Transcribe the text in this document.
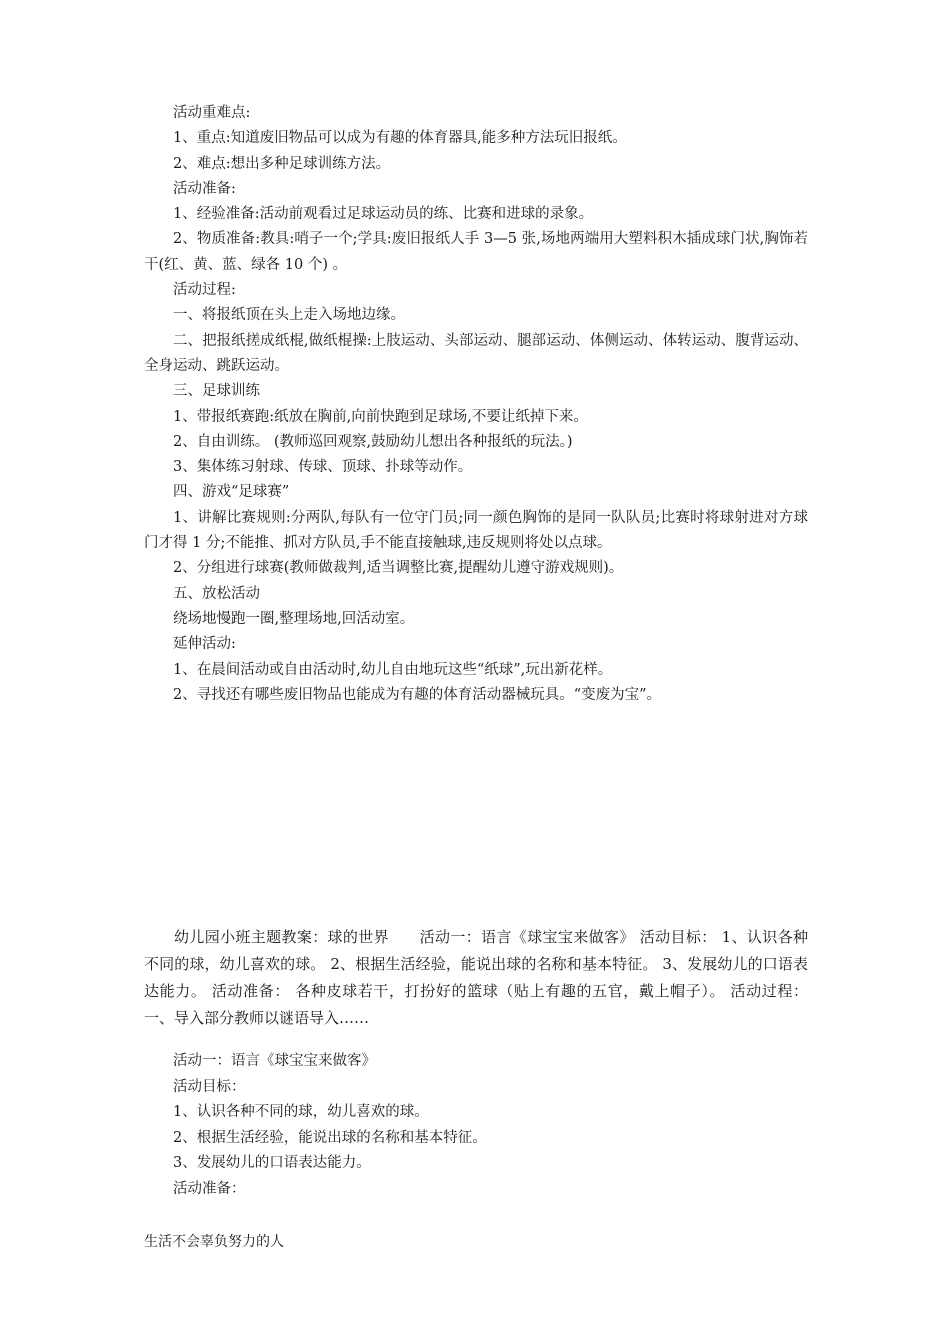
活动重难点:

1、重点:知道废旧物品可以成为有趣的体育器具,能多种方法玩旧报纸。

2、难点:想出多种足球训练方法。

活动准备:

1、经验准备:活动前观看过足球运动员的练、比赛和进球的录象。

2、物质准备:教具:哨子一个;学具:废旧报纸人手 3—5 张,场地两端用大塑料积木插成球门状,胸饰若干(红、黄、蓝、绿各 10 个) 。

活动过程:

一、将报纸顶在头上走入场地边缘。

二、把报纸搓成纸棍,做纸棍操:上肢运动、头部运动、腿部运动、体侧运动、体转运动、腹背运动、全身运动、跳跃运动。

三、足球训练

1、带报纸赛跑:纸放在胸前,向前快跑到足球场,不要让纸掉下来。

2、自由训练。 (教师巡回观察,鼓励幼儿想出各种报纸的玩法。)

3、集体练习射球、传球、顶球、扑球等动作。

四、游戏“足球赛”

1、讲解比赛规则:分两队,每队有一位守门员;同一颜色胸饰的是同一队队员;比赛时将球射进对方球门才得 1 分;不能推、抓对方队员,手不能直接触球,违反规则将处以点球。

2、分组进行球赛(教师做裁判,适当调整比赛,提醒幼儿遵守游戏规则)。

五、放松活动

绕场地慢跑一圈,整理场地,回活动室。

延伸活动:

1、在晨间活动或自由活动时,幼儿自由地玩这些“纸球”,玩出新花样。

2、寻找还有哪些废旧物品也能成为有趣的体育活动器械玩具。“变废为宝”。

幼儿园小班主题教案：球的世界　　活动一：语言《球宝宝来做客》 活动目标： 1、认识各种不同的球，幼儿喜欢的球。 2、根据生活经验，能说出球的名称和基本特征。 3、发展幼儿的口语表达能力。 活动准备： 各种皮球若干，打扮好的篮球（贴上有趣的五官，戴上帽子）。 活动过程： 一、导入部分教师以谜语导入……

活动一：语言《球宝宝来做客》

活动目标：

1、认识各种不同的球，幼儿喜欢的球。

2、根据生活经验，能说出球的名称和基本特征。

3、发展幼儿的口语表达能力。

活动准备：

生活不会辜负努力的人
